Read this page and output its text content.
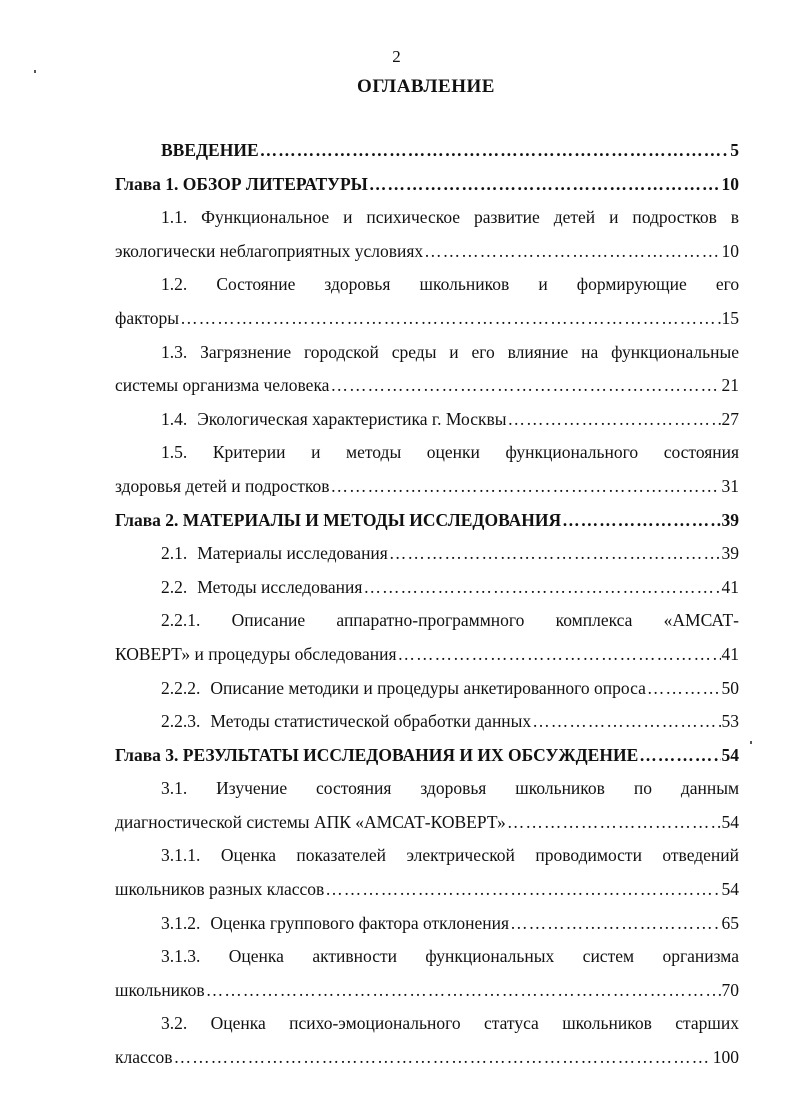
2
ОГЛАВЛЕНИЕ
ВВЕДЕНИЕ ……………………………………………………………………………………………………………………………………………………	5
Глава 1. ОБЗОР ЛИТЕРАТУРЫ ……………………………………………………………………………………………………………………………………………………	10
1.1. Функциональное и психическое развитие детей и подростков в
экологически неблагоприятных условиях ……………………………………………………………………………………………………………………………………………………	10
1.2. Состояние здоровья школьников и формирующие его
факторы ……………………………………………………………………………………………………………………………………………………	15
1.3. Загрязнение городской среды и его влияние на функциональные
системы организма человека ……………………………………………………………………………………………………………………………………………………	21
1.4. Экологическая характеристика г. Москвы ……………………………………………………………………………………………………………………………………………………	27
1.5. Критерии и методы оценки функционального состояния
здоровья детей и подростков ……………………………………………………………………………………………………………………………………………………	31
Глава 2. МАТЕРИАЛЫ И МЕТОДЫ ИССЛЕДОВАНИЯ ……………………………………………………………………………………………………………………………………………………	39
2.1. Материалы исследования ……………………………………………………………………………………………………………………………………………………	39
2.2. Методы исследования ……………………………………………………………………………………………………………………………………………………	41
2.2.1. Описание аппаратно-программного комплекса «АМСАТ-
КОВЕРТ» и процедуры обследования ……………………………………………………………………………………………………………………………………………………	41
2.2.2. Описание методики и процедуры анкетированного опроса ……………………………………………………………………………………………………………………………………………………	50
2.2.3. Методы статистической обработки данных ……………………………………………………………………………………………………………………………………………………	53
Глава 3. РЕЗУЛЬТАТЫ ИССЛЕДОВАНИЯ И ИХ ОБСУЖДЕНИЕ ……………………………………………………………………………………………………………………………………………………	54
3.1. Изучение состояния здоровья школьников по данным
диагностической системы АПК «АМСАТ-КОВЕРТ» ……………………………………………………………………………………………………………………………………………………	54
3.1.1. Оценка показателей электрической проводимости отведений
школьников разных классов ……………………………………………………………………………………………………………………………………………………	54
3.1.2. Оценка группового фактора отклонения ……………………………………………………………………………………………………………………………………………………	65
3.1.3. Оценка активности функциональных систем организма
школьников ……………………………………………………………………………………………………………………………………………………	70
3.2. Оценка психо-эмоционального статуса школьников старших
классов ……………………………………………………………………………………………………………………………………………………	100
